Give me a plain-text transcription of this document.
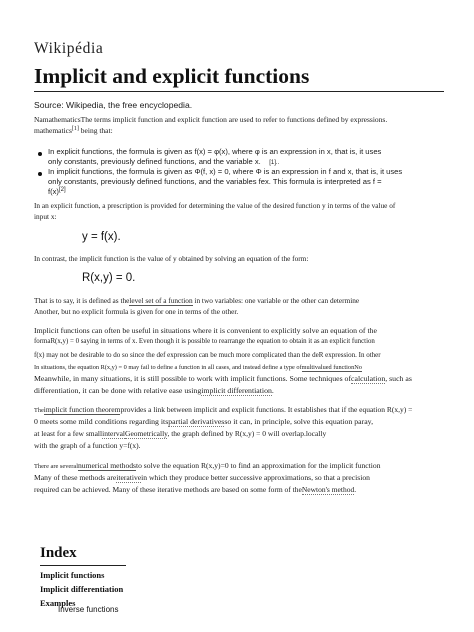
Wikipédia
Implicit and explicit functions
Source: Wikipedia, the free encyclopedia.
NamathematicsThe terms implicit function and explicit function are used to refer to functions defined by expressions.
mathematics[1] being that:
In explicit functions, the formula is given as f(x) = φ(x), where φ is an expression in x, that is, it uses
only constants, previously defined functions, and the variable x. [1]..
In implicit functions, the formula is given as Φ(f, x) = 0, where Φ is an expression in f and x, that is, it uses
only constants, previously defined functions, and the variables fex. This formula is interpreted as f =
f(x)[2]
In an explicit function, a prescription is provided for determining the value of the desired function y in terms of the value of
input x:
y = f(x).
In contrast, the implicit function is the value of y obtained by solving an equation of the form:
R(x,y) = 0.
That is to say, it is defined as thelevel set of a function in two variables: one variable or the other can determine
Another, but no explicit formula is given for one in terms of the other.
Implicit functions can often be useful in situations where it is convenient to explicitly solve an equation of the
formaR(x,y) = 0 saying in terms of x. Even though it is possible to rearrange the equation to obtain it as an explicit function
f(x) may not be desirable to do so since the def expression can be much more complicated than the deR expression. In other
In situations, the equation R(x,y) = 0 may fail to define a function in all cases, and instead define a type ofmultivalued functionNo
Meanwhile, in many situations, it is still possible to work with implicit functions. Some techniques ofcalculation, such as
differentiation, it can be done with relative ease usingimplicit differentiation.
Theimplicit function theoremprovides a link between implicit and explicit functions. It establishes that if the equation R(x,y) =
0 meets some mild conditions regarding itspartial derivativesso it can, in principle, solve this equation paray,
at least for a few smallintervalGeometrically, the graph defined by R(x,y) = 0 will overlap.locally
with the graph of a function y=f(x).
There are severalnumerical methodsto solve the equation R(x,y)=0 to find an approximation for the implicit function
Many of these methods areiterativein which they produce better successive approximations, so that a precision
required can be achieved. Many of these iterative methods are based on some form of theNewton's method.
Index
Implicit functions
Implicit differentiation
Examples
Inverse functions
